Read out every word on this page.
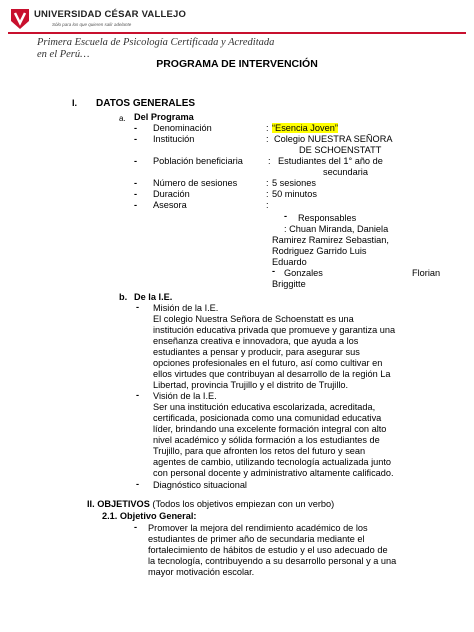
UNIVERSIDAD CÉSAR VALLEJO
Sólo para los que quieren salir adelante
Primera Escuela de Psicología Certificada y Acreditada en el Perú…
PROGRAMA DE INTERVENCIÓN
I. DATOS GENERALES
a. Del Programa
- Denominación	: “Esencia Joven”
- Institución	: Colegio NUESTRA SEÑORA
DE SCHOENSTATT
- Población beneficiaria	: Estudiantes del 1° año de
secundaria
- Número de sesiones	: 5 sesiones
- Duración	: 50 minutos
- Asesora	:
- Responsables
: Chuan Miranda, Daniela
Ramirez Ramirez Sebastian,
Rodriguez Garrido Luis
Eduardo
- Gonzales	Florian
Briggitte
b. De la I.E.
- Misión de la I.E.
El colegio Nuestra Señora de Schoenstatt es una
institución educativa privada que promueve y garantiza una
enseñanza creativa e innovadora, que ayuda a los
estudiantes a pensar y producir, para asegurar sus
opciones profesionales en el futuro, así como cultivar en
ellos virtudes que contribuyan al desarrollo de la región La
Libertad, provincia Trujillo y el distrito de Trujillo.
- Visión de la I.E.
Ser una institución educativa escolarizada, acreditada,
certificada, posicionada como una comunidad educativa
líder, brindando una excelente formación integral con alto
nivel académico y sólida formación a los estudiantes de
Trujillo, para que afronten los retos del futuro y sean
agentes de cambio, utilizando tecnología actualizada junto
con personal docente y administrativo altamente calificado.
- Diagnóstico situacional
II. OBJETIVOS (Todos los objetivos empiezan con un verbo)
2.1. Objetivo General:
- Promover la mejora del rendimiento académico de los
estudiantes de primer año de secundaria mediante el
fortalecimiento de hábitos de estudio y el uso adecuado de
la tecnología, contribuyendo a su desarrollo personal y a una
mayor motivación escolar.
